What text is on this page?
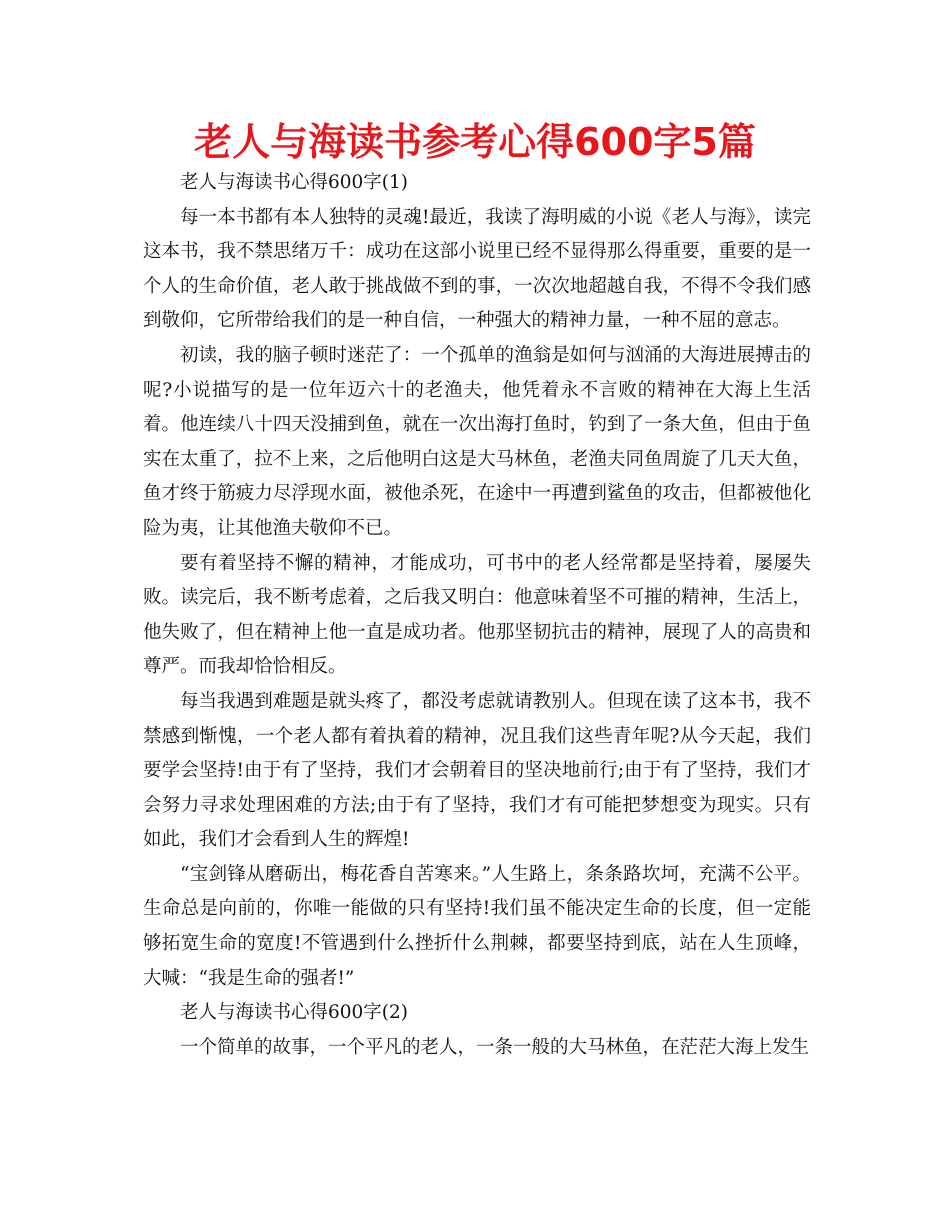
老人与海读书参考心得600字5篇

老人与海读书心得600字(1)

每一本书都有本人独特的灵魂!最近，我读了海明威的小说《老人与海》，读完这本书，我不禁思绪万千：成功在这部小说里已经不显得那么得重要，重要的是一个人的生命价值，老人敢于挑战做不到的事，一次次地超越自我，不得不令我们感到敬仰，它所带给我们的是一种自信，一种强大的精神力量，一种不屈的意志。

初读，我的脑子顿时迷茫了：一个孤单的渔翁是如何与汹涌的大海进展搏击的呢?小说描写的是一位年迈六十的老渔夫，他凭着永不言败的精神在大海上生活着。他连续八十四天没捕到鱼，就在一次出海打鱼时，钓到了一条大鱼，但由于鱼实在太重了，拉不上来，之后他明白这是大马林鱼，老渔夫同鱼周旋了几天大鱼，鱼才终于筋疲力尽浮现水面，被他杀死，在途中一再遭到鲨鱼的攻击，但都被他化险为夷，让其他渔夫敬仰不已。

要有着坚持不懈的精神，才能成功，可书中的老人经常都是坚持着，屡屡失败。读完后，我不断考虑着，之后我又明白：他意味着坚不可摧的精神，生活上，他失败了，但在精神上他一直是成功者。他那坚韧抗击的精神，展现了人的高贵和尊严。而我却恰恰相反。

每当我遇到难题是就头疼了，都没考虑就请教别人。但现在读了这本书，我不禁感到惭愧，一个老人都有着执着的精神，况且我们这些青年呢?从今天起，我们要学会坚持!由于有了坚持，我们才会朝着目的坚决地前行;由于有了坚持，我们才会努力寻求处理困难的方法;由于有了坚持，我们才有可能把梦想变为现实。只有如此，我们才会看到人生的辉煌!

“宝剑锋从磨砺出，梅花香自苦寒来。”人生路上，条条路坎坷，充满不公平。生命总是向前的，你唯一能做的只有坚持!我们虽不能决定生命的长度，但一定能够拓宽生命的宽度!不管遇到什么挫折什么荆棘，都要坚持到底，站在人生顶峰，大喊：“我是生命的强者!”

老人与海读书心得600字(2)

一个简单的故事，一个平凡的老人，一条一般的大马林鱼，在茫茫大海上发生
